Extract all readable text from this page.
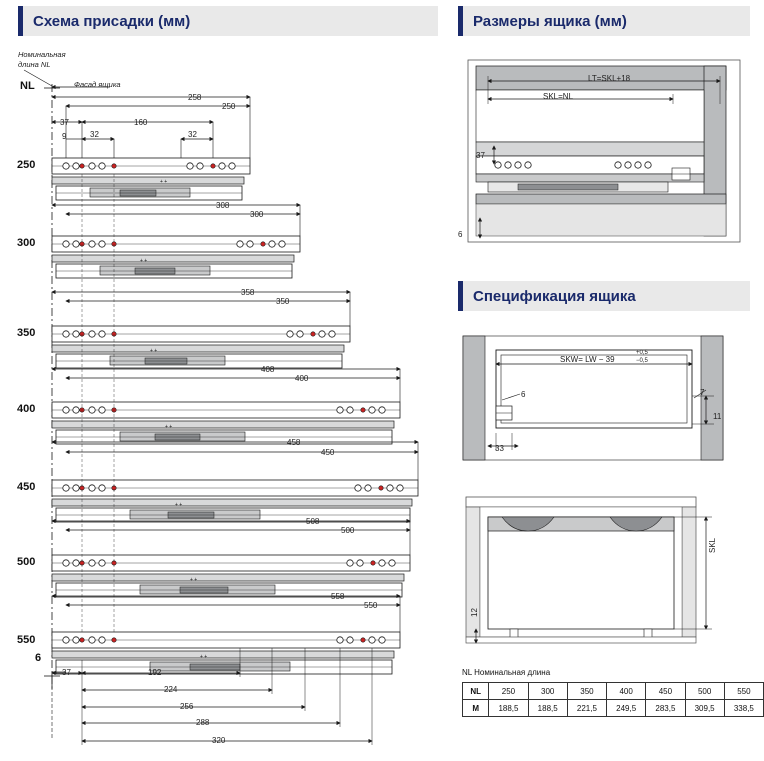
Схема присадки (мм)	Размеры ящика (мм)
Спецификация ящика
Номинальная
длина NL
NL	Фасад ящика
258
250
37	160
9	32	32
250
300
350
400
450
500
550
308
300
358
350
408
400
458
450
508
500
558
550
6
37	192
224
256
288
320
+ +
+ +
+ +
+ +
+ +
+ +
+ +
LT=SKL+18
SKL=NL
37
6
SKW= LW − 39
+0,5
−0,5
6
33
7
11
SKL
12
NL Номинальная длина
NL	250	300	350	400	450	500	550
M	188,5	188,5	221,5	249,5	283,5	309,5	338,5
